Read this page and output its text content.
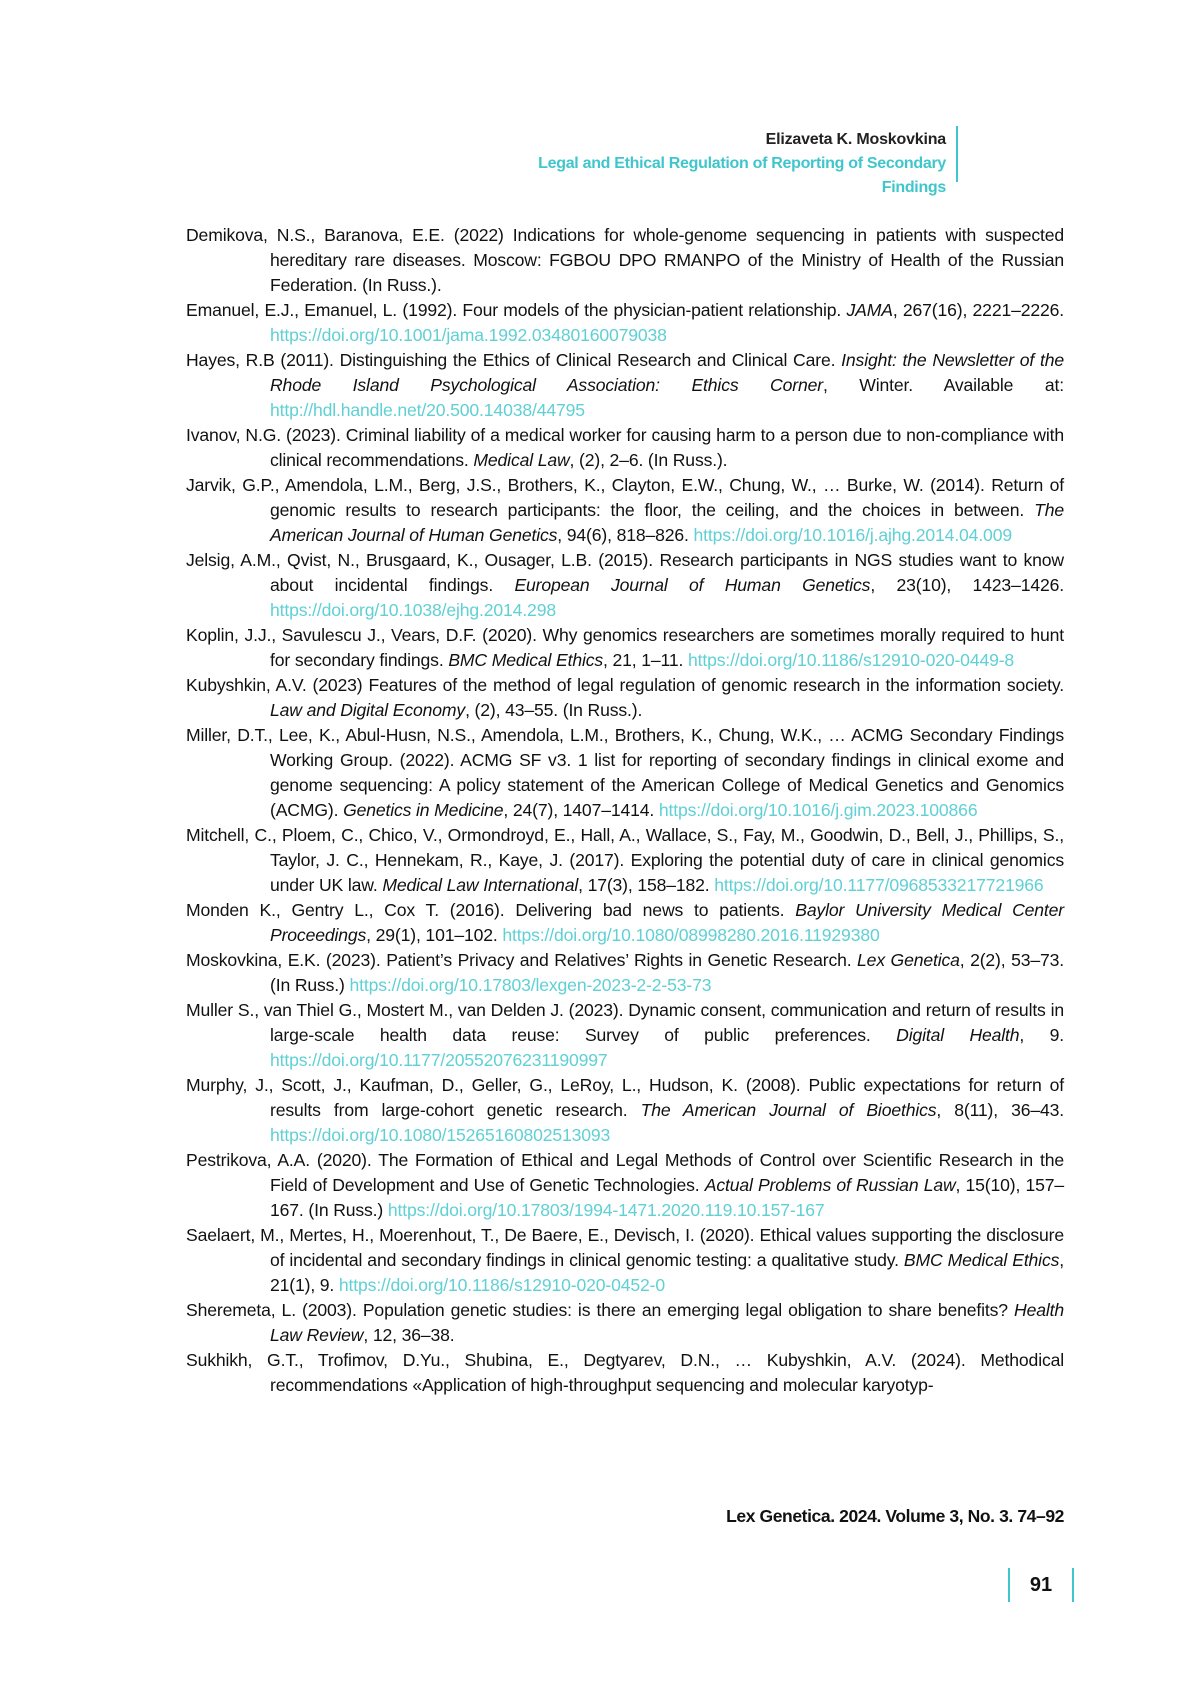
Elizaveta K. Moskovkina
Legal and Ethical Regulation of Reporting of Secondary Findings

Demikova, N.S., Baranova, E.E. (2022) Indications for whole-genome sequencing in patients with suspected hereditary rare diseases. Moscow: FGBOU DPO RMANPO of the Ministry of Health of the Russian Federation. (In Russ.).

Emanuel, E.J., Emanuel, L. (1992). Four models of the physician-patient relationship. JAMA, 267(16), 2221–2226. https://doi.org/10.1001/jama.1992.03480160079038

Hayes, R.B (2011). Distinguishing the Ethics of Clinical Research and Clinical Care. Insight: the Newsletter of the Rhode Island Psychological Association: Ethics Corner, Winter. Available at: http://hdl.handle.net/20.500.14038/44795

Ivanov, N.G. (2023). Criminal liability of a medical worker for causing harm to a person due to non-compliance with clinical recommendations. Medical Law, (2), 2–6. (In Russ.).

Jarvik, G.P., Amendola, L.M., Berg, J.S., Brothers, K., Clayton, E.W., Chung, W., … Burke, W. (2014). Return of genomic results to research participants: the floor, the ceiling, and the choices in between. The American Journal of Human Genetics, 94(6), 818–826. https://doi.org/10.1016/j.ajhg.2014.04.009

Jelsig, A.M., Qvist, N., Brusgaard, K., Ousager, L.B. (2015). Research participants in NGS studies want to know about incidental findings. European Journal of Human Genetics, 23(10), 1423–1426. https://doi.org/10.1038/ejhg.2014.298

Koplin, J.J., Savulescu J., Vears, D.F. (2020). Why genomics researchers are sometimes morally required to hunt for secondary findings. BMC Medical Ethics, 21, 1–11. https://doi.org/10.1186/s12910-020-0449-8

Kubyshkin, A.V. (2023) Features of the method of legal regulation of genomic research in the information society. Law and Digital Economy, (2), 43–55. (In Russ.).

Miller, D.T., Lee, K., Abul-Husn, N.S., Amendola, L.M., Brothers, K., Chung, W.K., … ACMG Secondary Findings Working Group. (2022). ACMG SF v3. 1 list for reporting of secondary findings in clinical exome and genome sequencing: A policy statement of the American College of Medical Genetics and Genomics (ACMG). Genetics in Medicine, 24(7), 1407–1414. https://doi.org/10.1016/j.gim.2023.100866

Mitchell, C., Ploem, C., Chico, V., Ormondroyd, E., Hall, A., Wallace, S., Fay, M., Goodwin, D., Bell, J., Phillips, S., Taylor, J. C., Hennekam, R., Kaye, J. (2017). Exploring the potential duty of care in clinical genomics under UK law. Medical Law International, 17(3), 158–182. https://doi.org/10.1177/0968533217721966

Monden K., Gentry L., Cox T. (2016). Delivering bad news to patients. Baylor University Medical Center Proceedings, 29(1), 101–102. https://doi.org/10.1080/08998280.2016.11929380

Moskovkina, E.K. (2023). Patient’s Privacy and Relatives’ Rights in Genetic Research. Lex Genetica, 2(2), 53–73. (In Russ.) https://doi.org/10.17803/lexgen-2023-2-2-53-73

Muller S., van Thiel G., Mostert M., van Delden J. (2023). Dynamic consent, communication and return of results in large-scale health data reuse: Survey of public preferences. Digital Health, 9. https://doi.org/10.1177/20552076231190997

Murphy, J., Scott, J., Kaufman, D., Geller, G., LeRoy, L., Hudson, K. (2008). Public expectations for return of results from large-cohort genetic research. The American Journal of Bioethics, 8(11), 36–43. https://doi.org/10.1080/15265160802513093

Pestrikova, A.A. (2020). The Formation of Ethical and Legal Methods of Control over Scientific Research in the Field of Development and Use of Genetic Technologies. Actual Problems of Russian Law, 15(10), 157–167. (In Russ.) https://doi.org/10.17803/1994-1471.2020.119.10.157-167

Saelaert, M., Mertes, H., Moerenhout, T., De Baere, E., Devisch, I. (2020). Ethical values supporting the disclosure of incidental and secondary findings in clinical genomic testing: a qualitative study. BMC Medical Ethics, 21(1), 9. https://doi.org/10.1186/s12910-020-0452-0

Sheremeta, L. (2003). Population genetic studies: is there an emerging legal obligation to share benefits? Health Law Review, 12, 36–38.

Sukhikh, G.T., Trofimov, D.Yu., Shubina, E., Degtyarev, D.N., … Kubyshkin, A.V. (2024). Methodical recommendations «Application of high-throughput sequencing and molecular karyotyp-

Lex Genetica. 2024. Volume 3, No. 3. 74–92
91
